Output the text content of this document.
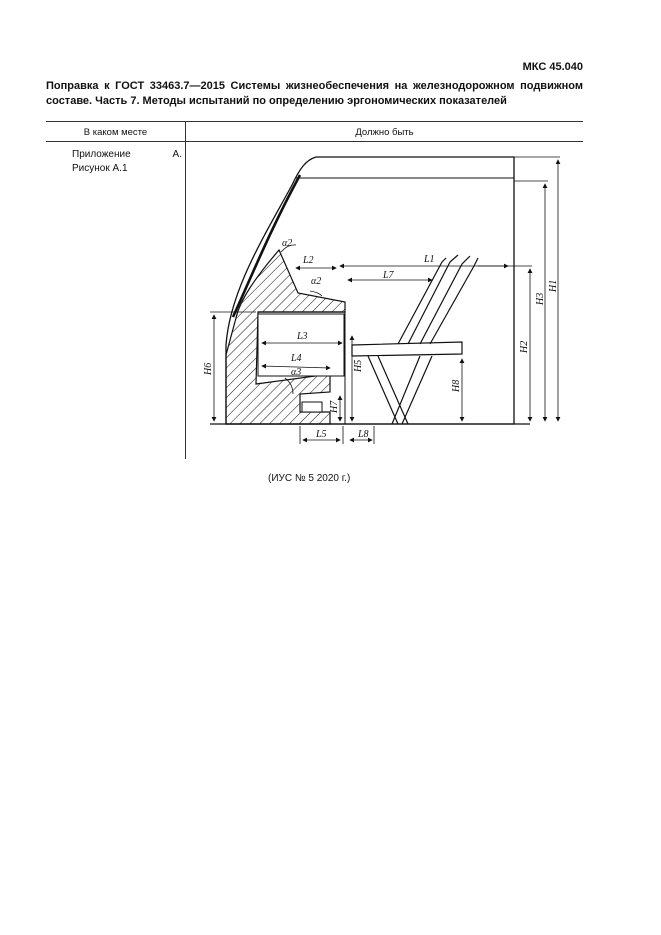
МКС 45.040
Поправка к ГОСТ 33463.7—2015 Системы жизнеобеспечения на железнодорожном подвижном составе. Часть 7. Методы испытаний по определению эргономических показателей
В каком месте	Должно быть
Приложение А. Рисунок А.1
α2
L2
α2
L1
L7
L3
L4
α3
L5	L8
H1
H3
H2
H6	H5
H8
H7
(ИУС № 5 2020 г.)
